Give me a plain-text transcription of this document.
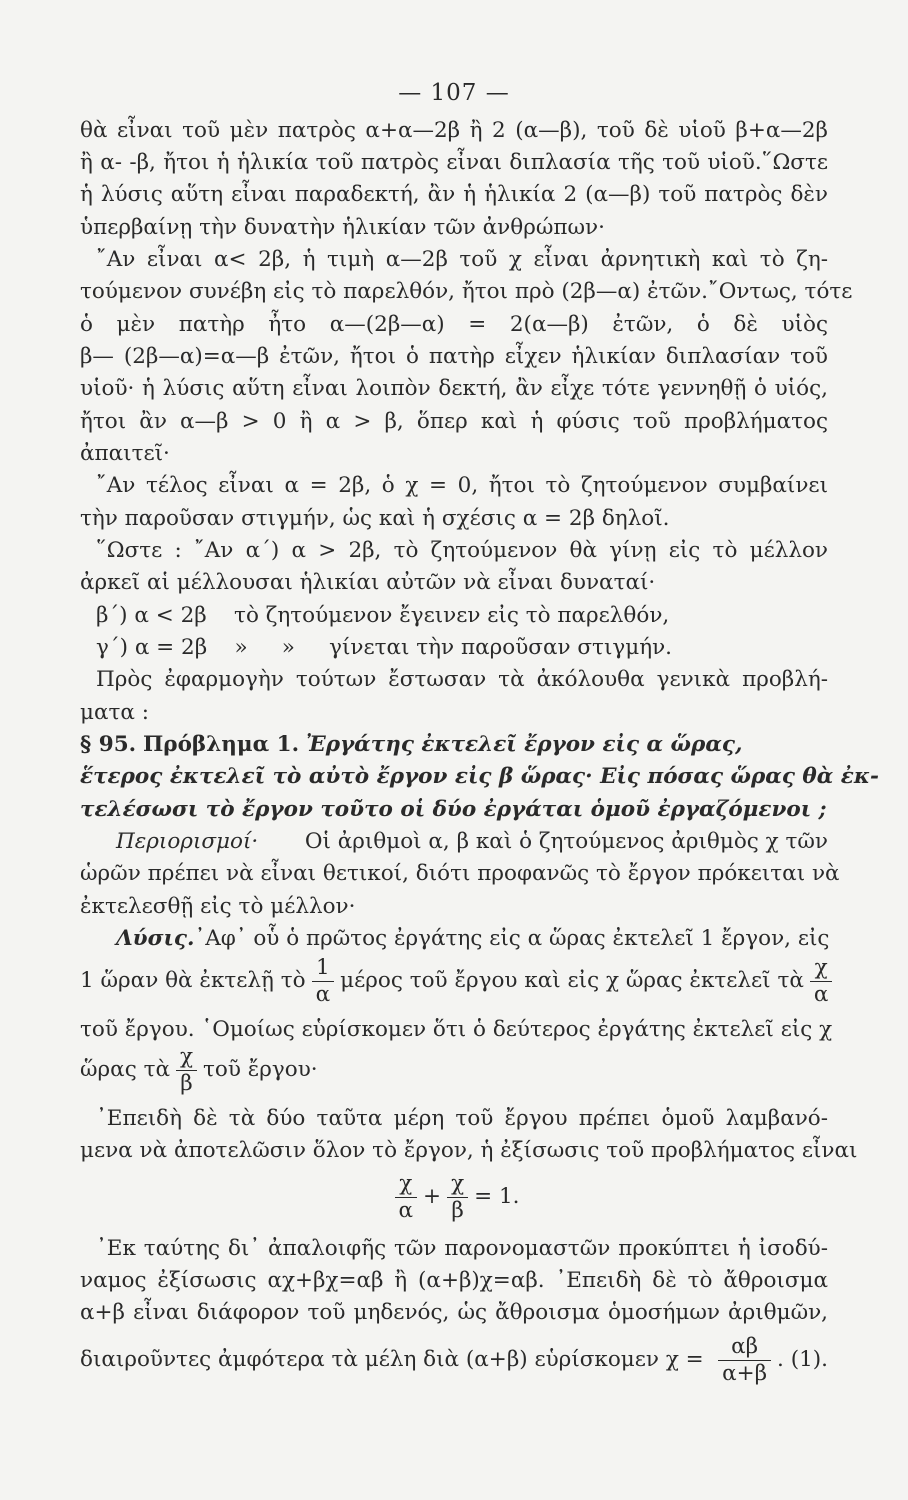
— 107 —
θὰ εἶναι τοῦ μὲν πατρὸς α+α—2β ἢ 2 (α—β), τοῦ δὲ υἱοῦ β+α—2β
ἢ α- -β, ἤτοι ἡ ἡλικία τοῦ πατρὸς εἶναι διπλασία τῆς τοῦ υἱοῦ.῞Ωστε
ἡ λύσις αὕτη εἶναι παραδεκτή, ἂν ἡ ἡλικία 2 (α—β) τοῦ πατρὸς δὲν
ὑπερβαίνῃ τὴν δυνατὴν ἡλικίαν τῶν ἀνθρώπων·
῎Αν εἶναι α< 2β, ἡ τιμὴ α—2β τοῦ χ εἶναι ἀρνητικὴ καὶ τὸ ζη-
τούμενον συνέβη εἰς τὸ παρελθόν, ἤτοι πρὸ (2β—α) ἐτῶν.῎Οντως, τότε
ὁ μὲν πατὴρ ἦτο α—(2β—α) = 2(α—β) ἐτῶν, ὁ δὲ υἱὸς
β— (2β—α)=α—β ἐτῶν, ἤτοι ὁ πατὴρ εἶχεν ἡλικίαν διπλασίαν τοῦ
υἱοῦ· ἡ λύσις αὕτη εἶναι λοιπὸν δεκτή, ἂν εἶχε τότε γεννηθῇ ὁ υἱός,
ἤτοι ἂν α—β > 0 ἢ α > β, ὅπερ καὶ ἡ φύσις τοῦ προβλήματος
ἀπαιτεῖ·
῎Αν τέλος εἶναι α = 2β, ὁ χ = 0, ἤτοι τὸ ζητούμενον συμβαίνει
τὴν παροῦσαν στιγμήν, ὡς καὶ ἡ σχέσις α = 2β δηλοῖ.
῞Ωστε : ῎Αν α´) α > 2β, τὸ ζητούμενον θὰ γίνῃ εἰς τὸ μέλλον
ἀρκεῖ αἱ μέλλουσαι ἡλικίαι αὐτῶν νὰ εἶναι δυναταί·
β´) α < 2β    τὸ ζητούμενον ἔγεινεν εἰς τὸ παρελθόν,
γ´) α = 2β    »     »     γίνεται τὴν παροῦσαν στιγμήν.
Πρὸς ἐφαρμογὴν τούτων ἔστωσαν τὰ ἀκόλουθα γενικὰ προβλή-
ματα :
§ 95. Πρόβλημα 1. Ἐργάτης ἐκτελεῖ ἔργον εἰς α ὥρας,
ἕτερος ἐκτελεῖ τὸ αὐτὸ ἔργον εἰς β ὥρας· Εἰς πόσας ὥρας θὰ ἐκ-
τελέσωσι τὸ ἔργον τοῦτο οἱ δύο ἐργάται ὁμοῦ ἐργαζόμενοι ;
Περιορισμοί· Οἱ ἀριθμοὶ α, β καὶ ὁ ζητούμενος ἀριθμὸς χ τῶν
ὡρῶν πρέπει νὰ εἶναι θετικοί, διότι προφανῶς τὸ ἔργον πρόκειται νὰ
ἐκτελεσθῇ εἰς τὸ μέλλον·
Λύσις. ᾿Αφ᾿ οὗ ὁ πρῶτος ἐργάτης εἰς α ὥρας ἐκτελεῖ 1 ἔργον, εἰς
1 ὥραν θὰ ἐκτελῇ τὸ $\frac{1}{\alpha}$ μέρος τοῦ ἔργου καὶ εἰς χ ὥρας ἐκτελεῖ τὰ $\frac{\chi}{\alpha}$
τοῦ ἔργου. ῾Ομοίως εὑρίσκομεν ὅτι ὁ δεύτερος ἐργάτης ἐκτελεῖ εἰς χ
ὥρας τὰ $\frac{\chi}{\beta}$ τοῦ ἔργου·
᾿Επειδὴ δὲ τὰ δύο ταῦτα μέρη τοῦ ἔργου πρέπει ὁμοῦ λαμβανό-
μενα νὰ ἀποτελῶσιν ὅλον τὸ ἔργον, ἡ ἐξίσωσις τοῦ προβλήματος εἶναι
$\frac{\chi}{\alpha} + \frac{\chi}{\beta} = 1$.
᾿Εκ ταύτης δι᾿ ἀπαλοιφῆς τῶν παρονομαστῶν προκύπτει ἡ ἰσοδύ-
ναμος ἐξίσωσις αχ+βχ=αβ ἢ (α+β)χ=αβ. ᾿Επειδὴ δὲ τὸ ἄθροισμα
α+β εἶναι διάφορον τοῦ μηδενός, ὡς ἄθροισμα ὁμοσήμων ἀριθμῶν,
διαιροῦντες ἀμφότερα τὰ μέλη διὰ (α+β) εὑρίσκομεν $\chi = \frac{\alpha\beta}{\alpha+\beta}$ . (1).
